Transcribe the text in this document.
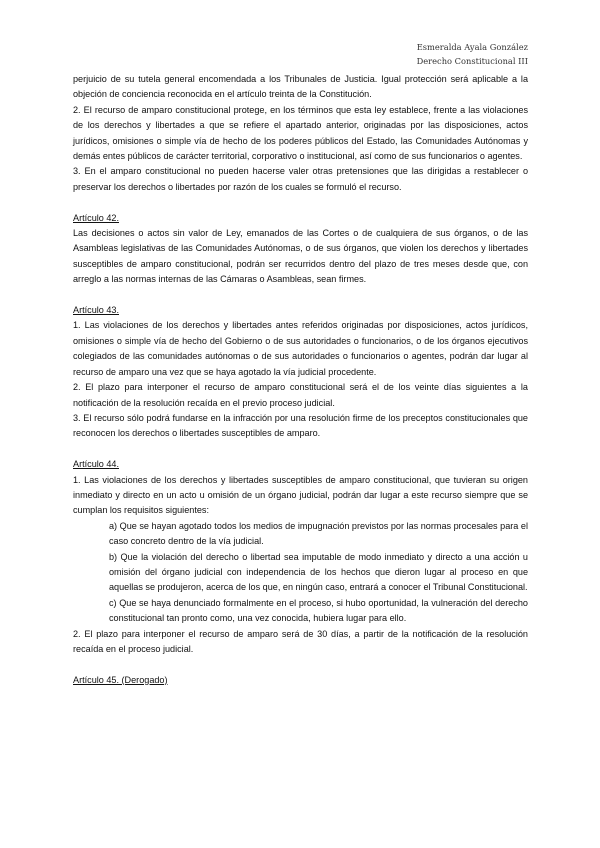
Esmeralda Ayala González
Derecho Constitucional III

perjuicio de su tutela general encomendada a los Tribunales de Justicia. Igual protección será aplicable a la objeción de conciencia reconocida en el artículo treinta de la Constitución.

2. El recurso de amparo constitucional protege, en los términos que esta ley establece, frente a las violaciones de los derechos y libertades a que se refiere el apartado anterior, originadas por las disposiciones, actos jurídicos, omisiones o simple vía de hecho de los poderes públicos del Estado, las Comunidades Autónomas y demás entes públicos de carácter territorial, corporativo o institucional, así como de sus funcionarios o agentes.

3. En el amparo constitucional no pueden hacerse valer otras pretensiones que las dirigidas a restablecer o preservar los derechos o libertades por razón de los cuales se formuló el recurso.

Artículo 42.

Las decisiones o actos sin valor de Ley, emanados de las Cortes o de cualquiera de sus órganos, o de las Asambleas legislativas de las Comunidades Autónomas, o de sus órganos, que violen los derechos y libertades susceptibles de amparo constitucional, podrán ser recurridos dentro del plazo de tres meses desde que, con arreglo a las normas internas de las Cámaras o Asambleas, sean firmes.

Artículo 43.

1. Las violaciones de los derechos y libertades antes referidos originadas por disposiciones, actos jurídicos, omisiones o simple vía de hecho del Gobierno o de sus autoridades o funcionarios, o de los órganos ejecutivos colegiados de las comunidades autónomas o de sus autoridades o funcionarios o agentes, podrán dar lugar al recurso de amparo una vez que se haya agotado la vía judicial procedente.

2. El plazo para interponer el recurso de amparo constitucional será el de los veinte días siguientes a la notificación de la resolución recaída en el previo proceso judicial.

3. El recurso sólo podrá fundarse en la infracción por una resolución firme de los preceptos constitucionales que reconocen los derechos o libertades susceptibles de amparo.

Artículo 44.

1. Las violaciones de los derechos y libertades susceptibles de amparo constitucional, que tuvieran su origen inmediato y directo en un acto u omisión de un órgano judicial, podrán dar lugar a este recurso siempre que se cumplan los requisitos siguientes:

a) Que se hayan agotado todos los medios de impugnación previstos por las normas procesales para el caso concreto dentro de la vía judicial.

b) Que la violación del derecho o libertad sea imputable de modo inmediato y directo a una acción u omisión del órgano judicial con independencia de los hechos que dieron lugar al proceso en que aquellas se produjeron, acerca de los que, en ningún caso, entrará a conocer el Tribunal Constitucional.

c) Que se haya denunciado formalmente en el proceso, si hubo oportunidad, la vulneración del derecho constitucional tan pronto como, una vez conocida, hubiera lugar para ello.

2. El plazo para interponer el recurso de amparo será de 30 días, a partir de la notificación de la resolución recaída en el proceso judicial.

Artículo 45. (Derogado)
